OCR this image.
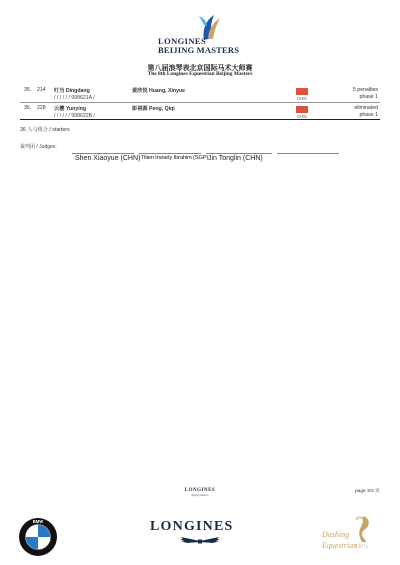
LONGINES
BEIJING MASTERS
第八届浪琴表北京国际马术大师赛
The 8th Longines Equestrian Beijing Masters
35. 214 叮当 Dingdang
/ / / / / / 998621A /
黄欣悦 Huang, Xinyue
CHN
5 penalties
phase 1
36. 228 云樱 Yunying
/ / / / / / 998622B /
彭祺源 Peng, Qiqi
CHN
eliminated
phase 1
36 人马组合 / starters
裁判团 / Judges:
Shen Xiaoyue (CHN) Titien Inviarty Ibrahim (SGP) Jin Tonglin (CHN)
LONGINES
Beijing Masters
page 3/3 页
BMW	LONGINES
Dashing
Equestrian
人和马
